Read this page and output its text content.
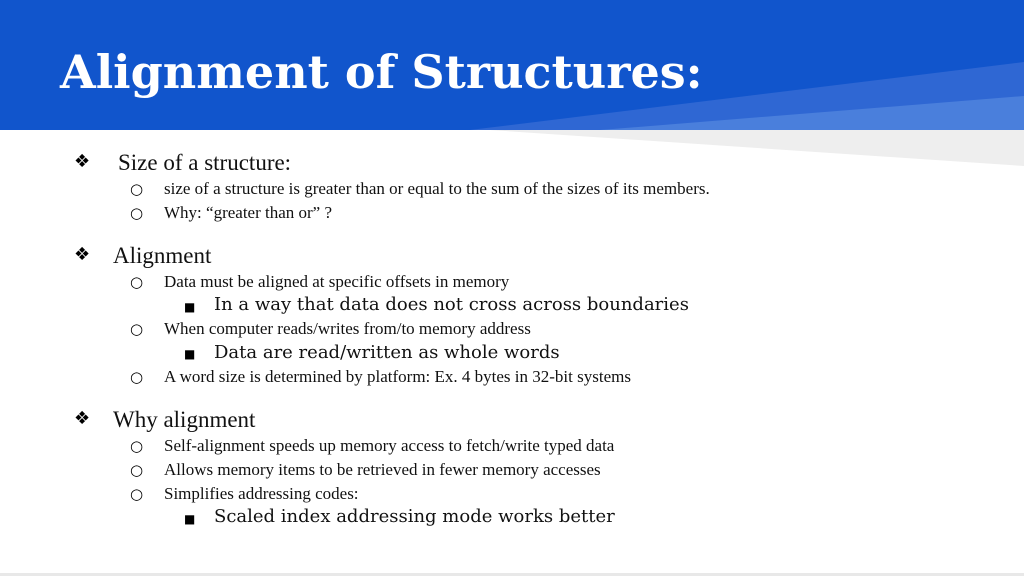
Alignment of Structures:
❖ Size of a structure:
○ size of a structure is greater than or equal to the sum of the sizes of its members.
○ Why: “greater than or” ?
❖ Alignment
○ Data must be aligned at specific offsets in memory
■ In a way that data does not cross across boundaries
○ When computer reads/writes from/to memory address
■ Data are read/written as whole words
○ A word size is determined by platform: Ex. 4 bytes in 32-bit systems
❖ Why alignment
○ Self-alignment speeds up memory access to fetch/write typed data
○ Allows memory items to be retrieved in fewer memory accesses
○ Simplifies addressing codes:
■ Scaled index addressing mode works better
